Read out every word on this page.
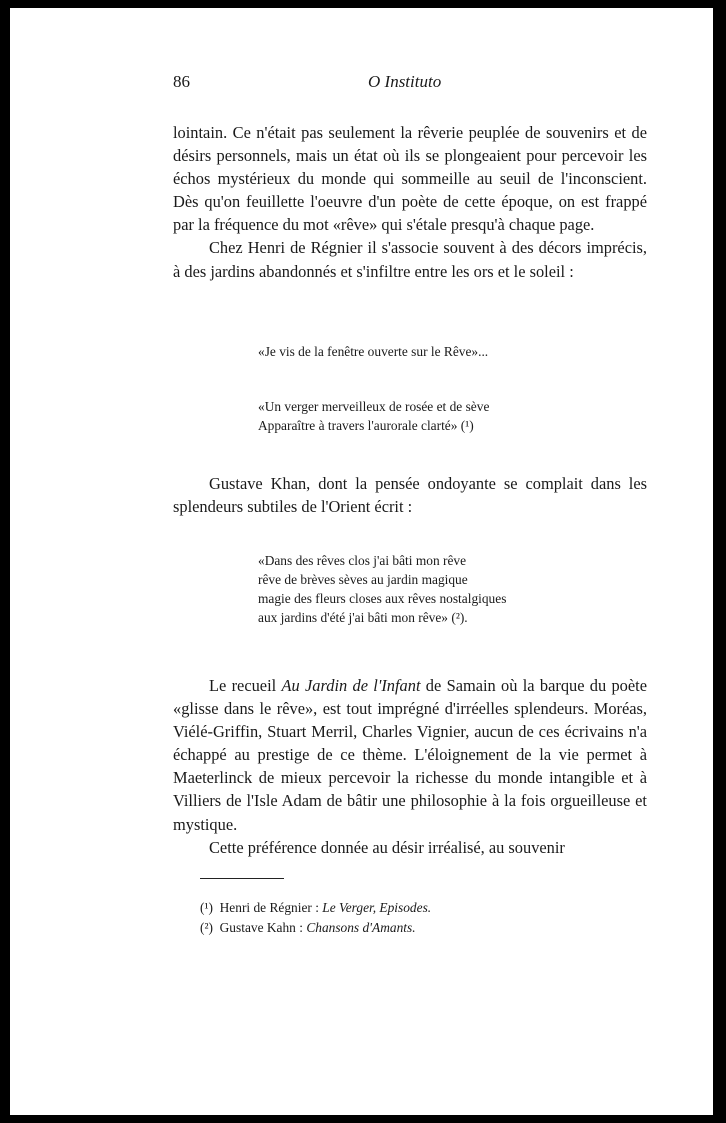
86	O Instituto

lointain. Ce n'était pas seulement la rêverie peuplée de souvenirs et de désirs personnels, mais un état où ils se plongeaient pour percevoir les échos mystérieux du monde qui sommeille au seuil de l'inconscient. Dès qu'on feuillette l'oeuvre d'un poète de cette époque, on est frappé par la fréquence du mot «rêve» qui s'étale presqu'à chaque page.

Chez Henri de Régnier il s'associe souvent à des décors imprécis, à des jardins abandonnés et s'infiltre entre les ors et le soleil :

«Je vis de la fenêtre ouverte sur le Rêve»...
«Un verger merveilleux de rosée et de sève
Apparaître à travers l'aurorale clarté» (¹)

Gustave Khan, dont la pensée ondoyante se complait dans les splendeurs subtiles de l'Orient écrit :

«Dans des rêves clos j'ai bâti mon rêve
rêve de brèves sèves au jardin magique
magie des fleurs closes aux rêves nostalgiques
aux jardins d'été j'ai bâti mon rêve» (²).

Le recueil Au Jardin de l'Infant de Samain où la barque du poète «glisse dans le rêve», est tout imprégné d'irréelles splendeurs. Moréas, Viélé-Griffin, Stuart Merril, Charles Vignier, aucun de ces écrivains n'a échappé au prestige de ce thème. L'éloignement de la vie permet à Maeterlinck de mieux percevoir la richesse du monde intangible et à Villiers de l'Isle Adam de bâtir une philosophie à la fois orgueilleuse et mystique.

Cette préférence donnée au désir irréalisé, au souvenir

(¹) Henri de Régnier : Le Verger, Episodes.
(²) Gustave Kahn : Chansons d'Amants.
